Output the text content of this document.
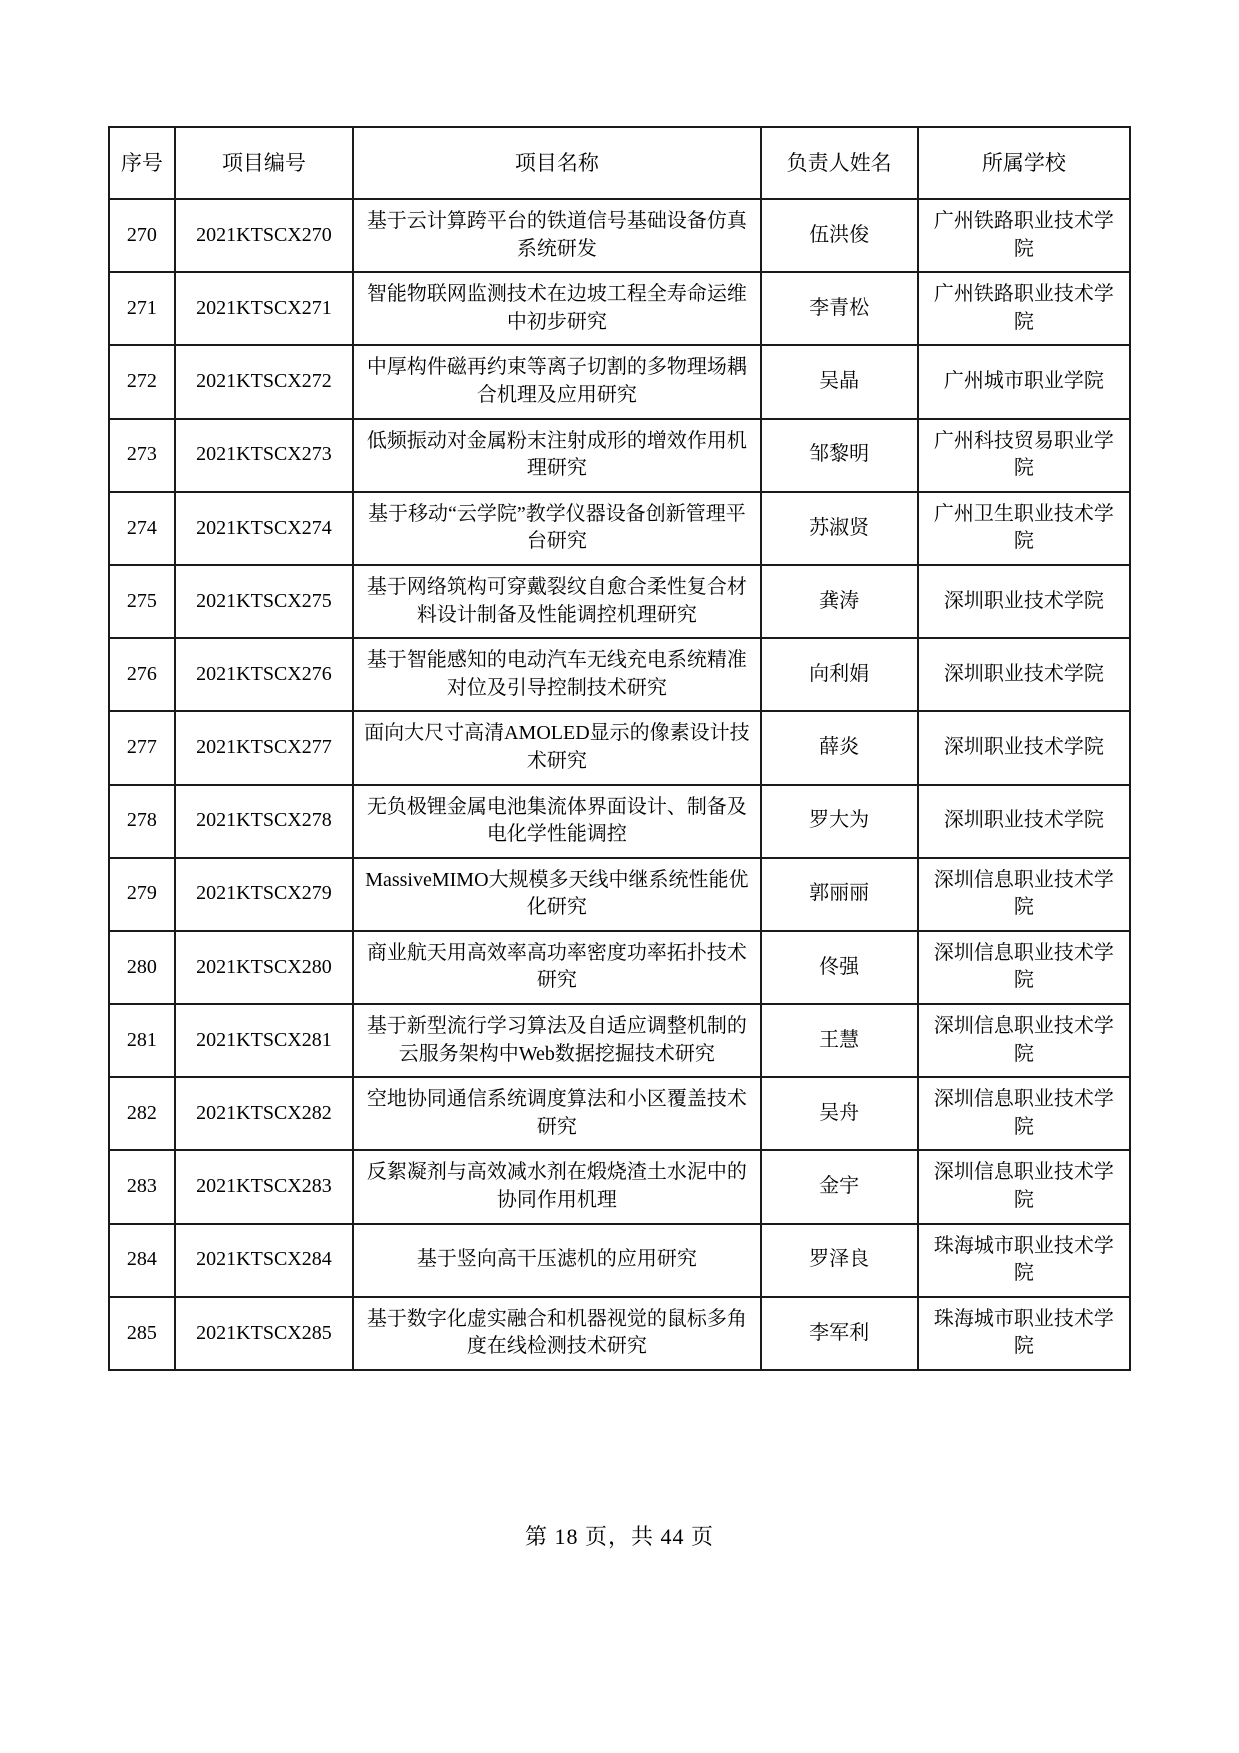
序号	项目编号	项目名称	负责人姓名	所属学校
270	2021KTSCX270	基于云计算跨平台的铁道信号基础设备仿真系统研发	伍洪俊	广州铁路职业技术学院
271	2021KTSCX271	智能物联网监测技术在边坡工程全寿命运维中初步研究	李青松	广州铁路职业技术学院
272	2021KTSCX272	中厚构件磁再约束等离子切割的多物理场耦合机理及应用研究	吴晶	广州城市职业学院
273	2021KTSCX273	低频振动对金属粉末注射成形的增效作用机理研究	邹黎明	广州科技贸易职业学院
274	2021KTSCX274	基于移动“云学院”教学仪器设备创新管理平台研究	苏淑贤	广州卫生职业技术学院
275	2021KTSCX275	基于网络筑构可穿戴裂纹自愈合柔性复合材料设计制备及性能调控机理研究	龚涛	深圳职业技术学院
276	2021KTSCX276	基于智能感知的电动汽车无线充电系统精准对位及引导控制技术研究	向利娟	深圳职业技术学院
277	2021KTSCX277	面向大尺寸高清AMOLED显示的像素设计技术研究	薛炎	深圳职业技术学院
278	2021KTSCX278	无负极锂金属电池集流体界面设计、制备及电化学性能调控	罗大为	深圳职业技术学院
279	2021KTSCX279	MassiveMIMO大规模多天线中继系统性能优化研究	郭丽丽	深圳信息职业技术学院
280	2021KTSCX280	商业航天用高效率高功率密度功率拓扑技术研究	佟强	深圳信息职业技术学院
281	2021KTSCX281	基于新型流行学习算法及自适应调整机制的云服务架构中Web数据挖掘技术研究	王慧	深圳信息职业技术学院
282	2021KTSCX282	空地协同通信系统调度算法和小区覆盖技术研究	吴舟	深圳信息职业技术学院
283	2021KTSCX283	反絮凝剂与高效减水剂在煅烧渣土水泥中的协同作用机理	金宇	深圳信息职业技术学院
284	2021KTSCX284	基于竖向高干压滤机的应用研究	罗泽良	珠海城市职业技术学院
285	2021KTSCX285	基于数字化虚实融合和机器视觉的鼠标多角度在线检测技术研究	李军利	珠海城市职业技术学院
第 18 页，共 44 页
